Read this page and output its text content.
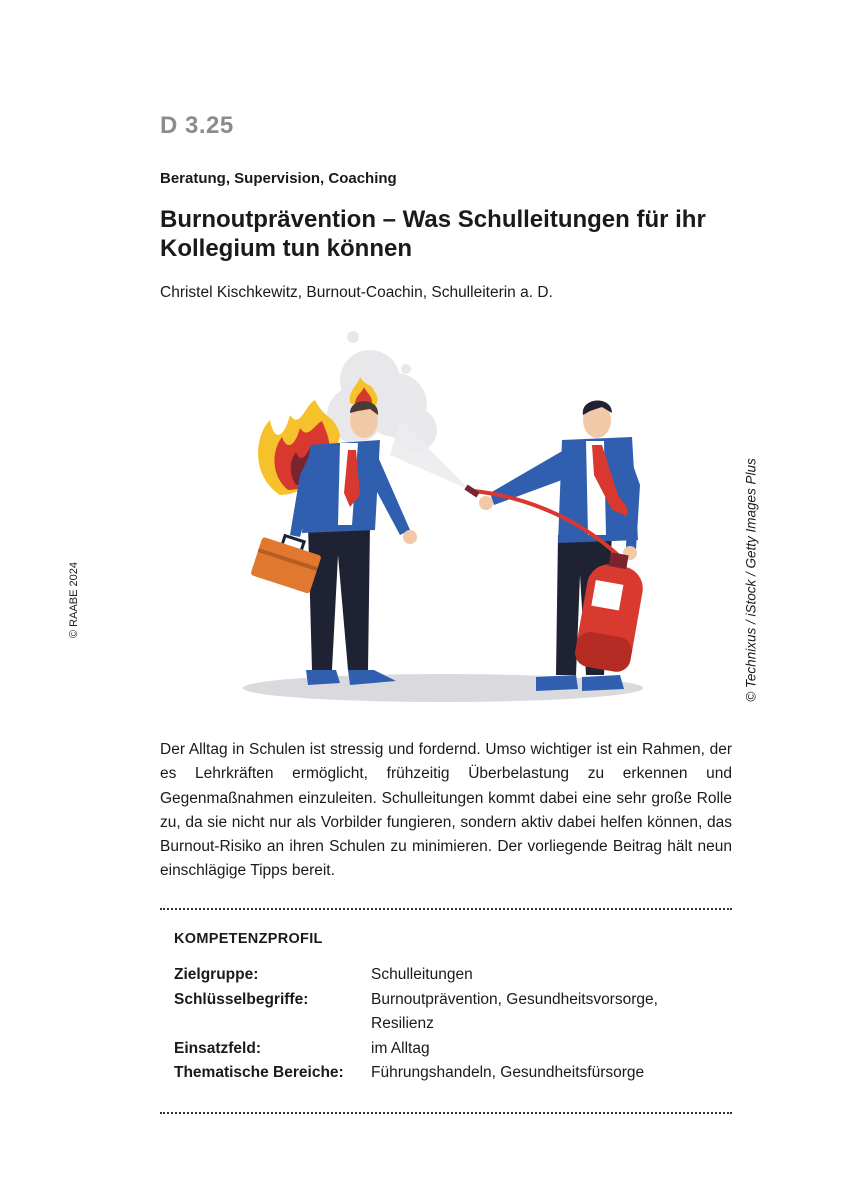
D 3.25
Beratung, Supervision, Coaching
Burnoutprävention – Was Schulleitungen für ihr
Kollegium tun können
Christel Kischkewitz, Burnout-Coachin, Schulleiterin a. D.
© RAABE 2024	© Technixus / iStock / Getty Images Plus

Der Alltag in Schulen ist stressig und fordernd. Umso wichtiger ist ein Rahmen, der es Lehrkräften ermöglicht, frühzeitig Überbelastung zu erkennen und Gegenmaßnahmen einzuleiten. Schulleitungen kommt dabei eine sehr große Rolle zu, da sie nicht nur als Vorbilder fungieren, sondern aktiv dabei helfen können, das Burnout-Risiko an ihren Schulen zu minimieren. Der vorliegende Beitrag hält neun einschlägige Tipps bereit.

KOMPETENZPROFIL
Zielgruppe:	Schulleitungen
Schlüsselbegriffe:	Burnoutprävention, Gesundheitsvorsorge, Resilienz
Einsatzfeld:	im Alltag
Thematische Bereiche:	Führungshandeln, Gesundheitsfürsorge
